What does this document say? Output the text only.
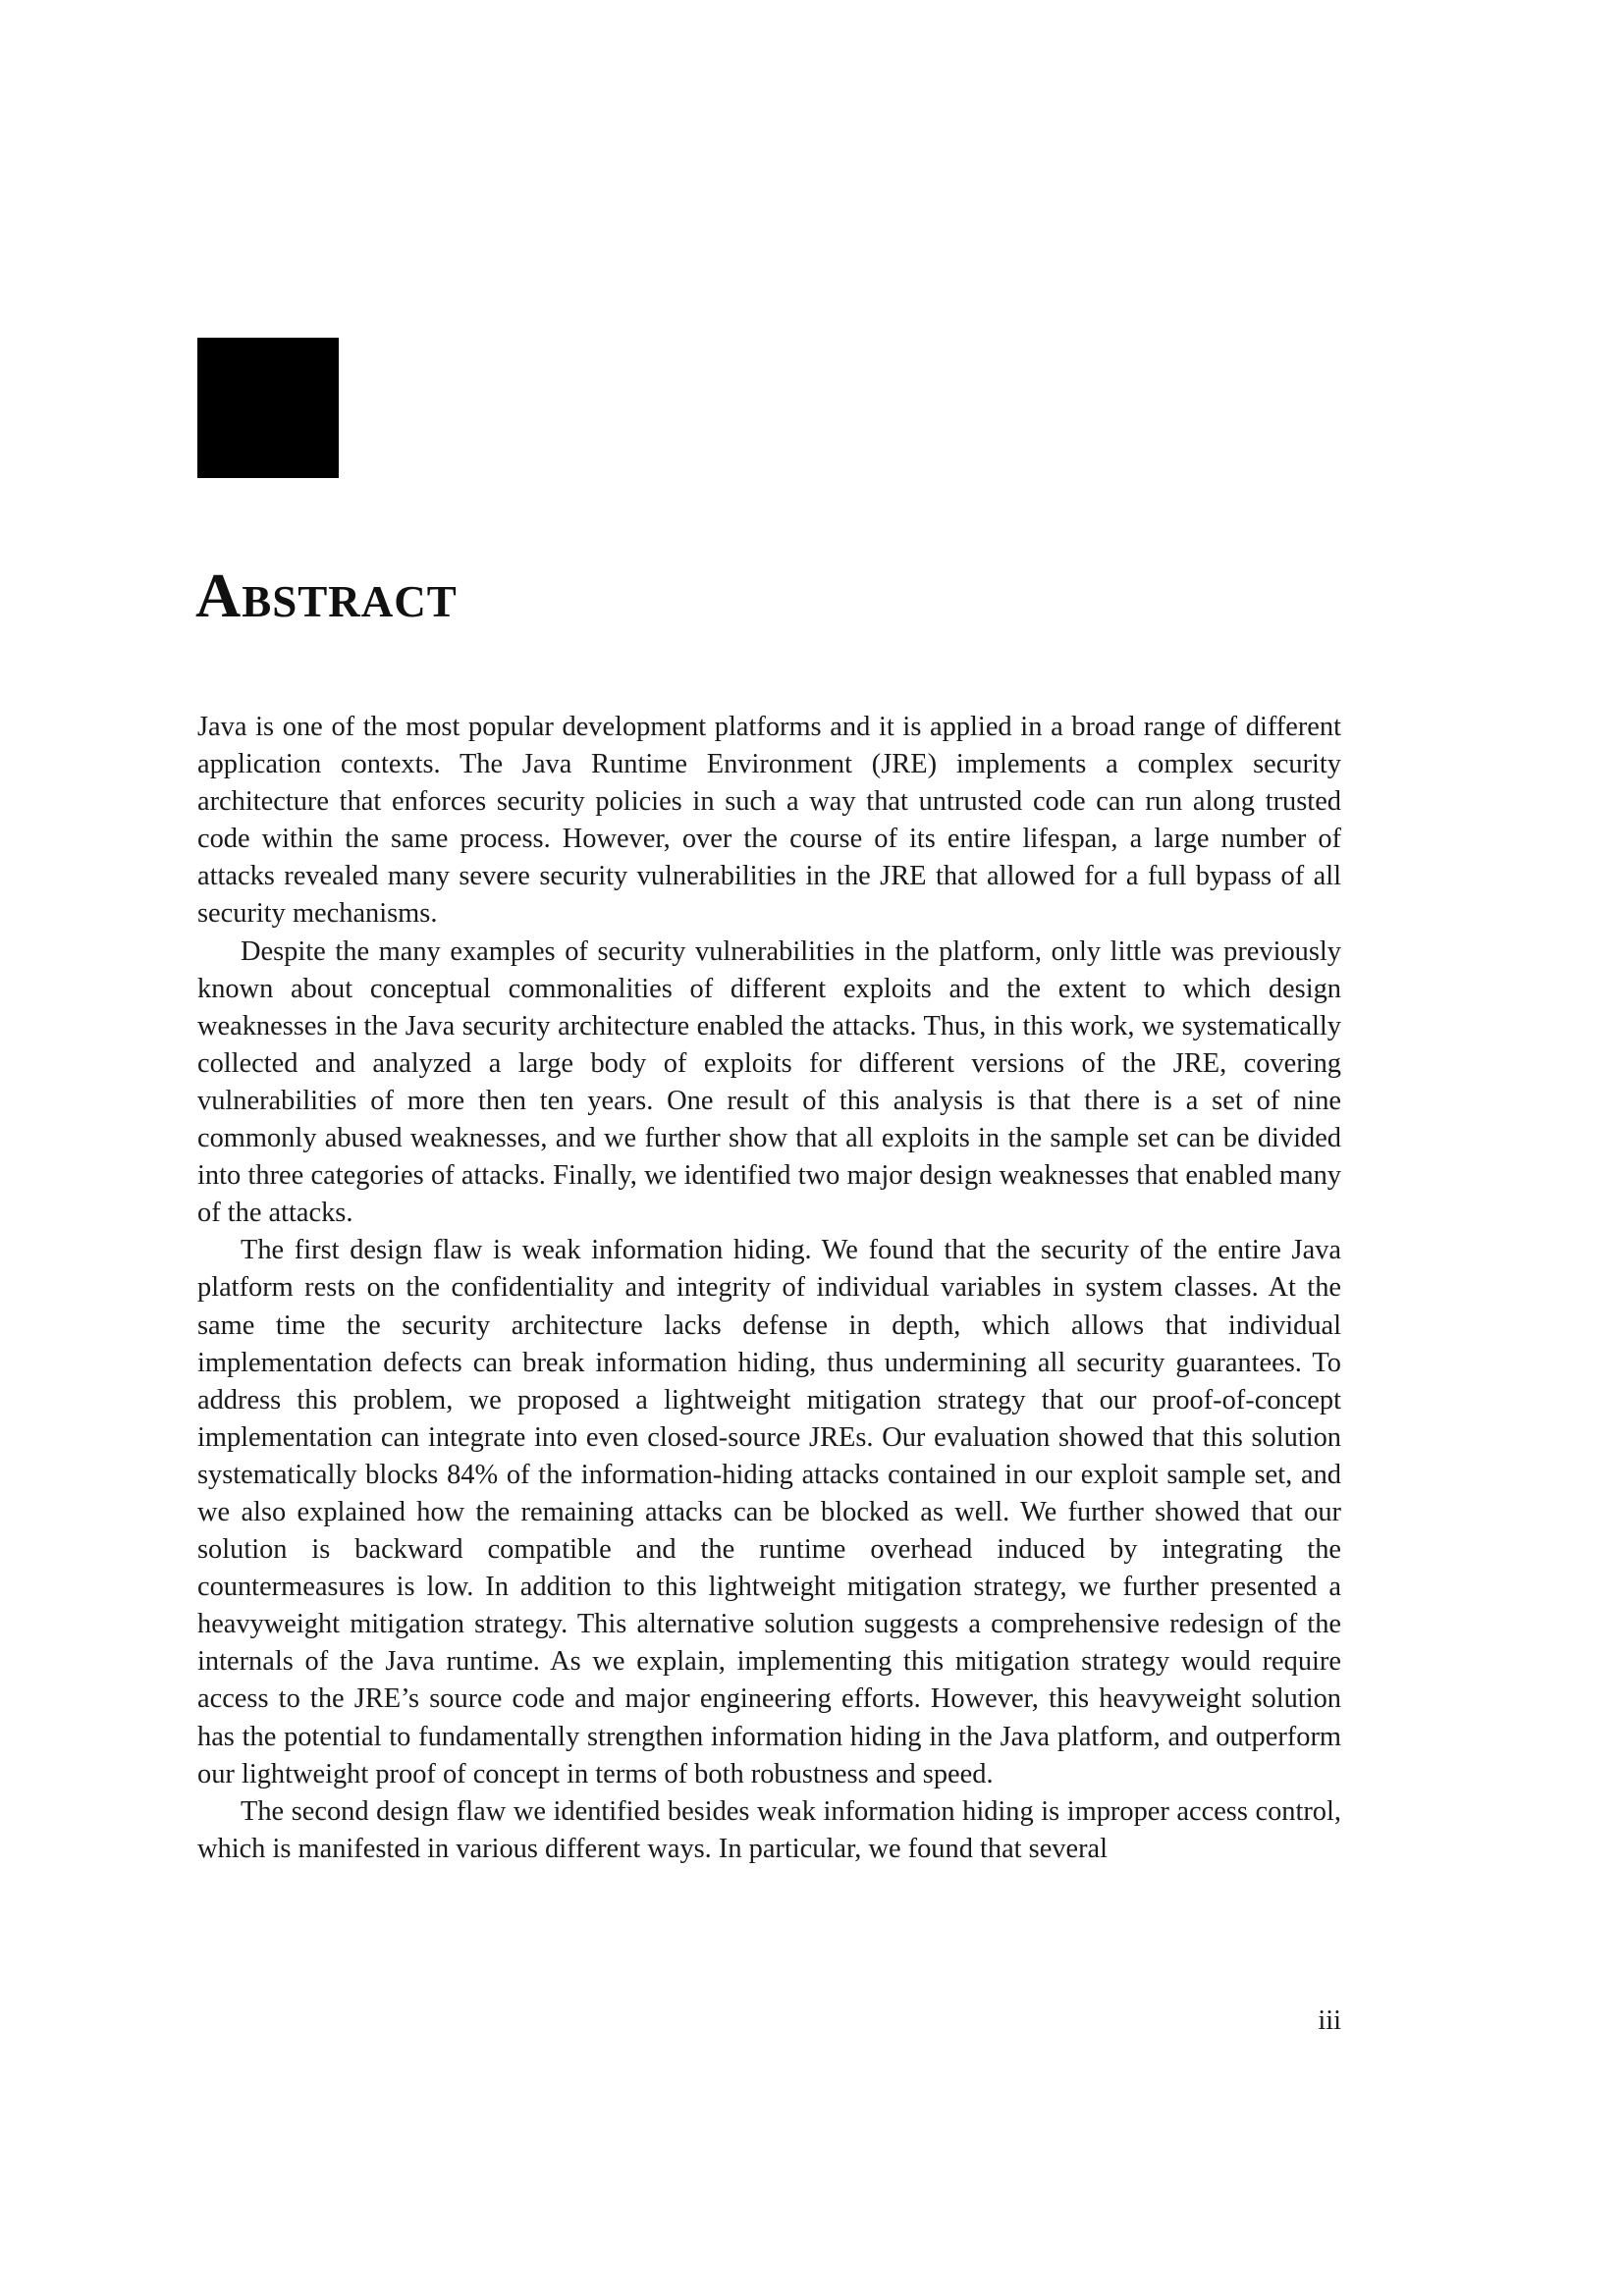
Abstract

Java is one of the most popular development platforms and it is applied in a broad range of different application contexts. The Java Runtime Environment (JRE) implements a complex security architecture that enforces security policies in such a way that untrusted code can run along trusted code within the same process. However, over the course of its entire lifespan, a large number of attacks revealed many severe security vulnerabilities in the JRE that allowed for a full bypass of all security mechanisms.

Despite the many examples of security vulnerabilities in the platform, only little was previously known about conceptual commonalities of different exploits and the extent to which design weaknesses in the Java security architecture enabled the attacks. Thus, in this work, we systematically collected and analyzed a large body of exploits for different versions of the JRE, covering vulnerabilities of more then ten years. One result of this analysis is that there is a set of nine commonly abused weaknesses, and we further show that all exploits in the sample set can be divided into three categories of attacks. Finally, we identified two major design weaknesses that enabled many of the attacks.

The first design flaw is weak information hiding. We found that the security of the entire Java platform rests on the confidentiality and integrity of individual variables in system classes. At the same time the security architecture lacks defense in depth, which allows that individual implementation defects can break information hiding, thus undermining all security guarantees. To address this problem, we proposed a lightweight mitigation strategy that our proof-of-concept implementation can integrate into even closed-source JREs. Our evaluation showed that this solution systematically blocks 84% of the information-hiding attacks contained in our exploit sample set, and we also explained how the remaining attacks can be blocked as well. We further showed that our solution is backward compatible and the runtime overhead induced by integrating the countermeasures is low. In addition to this lightweight mitigation strategy, we further presented a heavyweight mitigation strategy. This alternative solution suggests a comprehensive redesign of the internals of the Java runtime. As we explain, implementing this mitigation strategy would require access to the JRE’s source code and major engineering efforts. However, this heavyweight solution has the potential to fundamentally strengthen information hiding in the Java platform, and outperform our lightweight proof of concept in terms of both robustness and speed.

The second design flaw we identified besides weak information hiding is improper access control, which is manifested in various different ways. In particular, we found that several

iii
